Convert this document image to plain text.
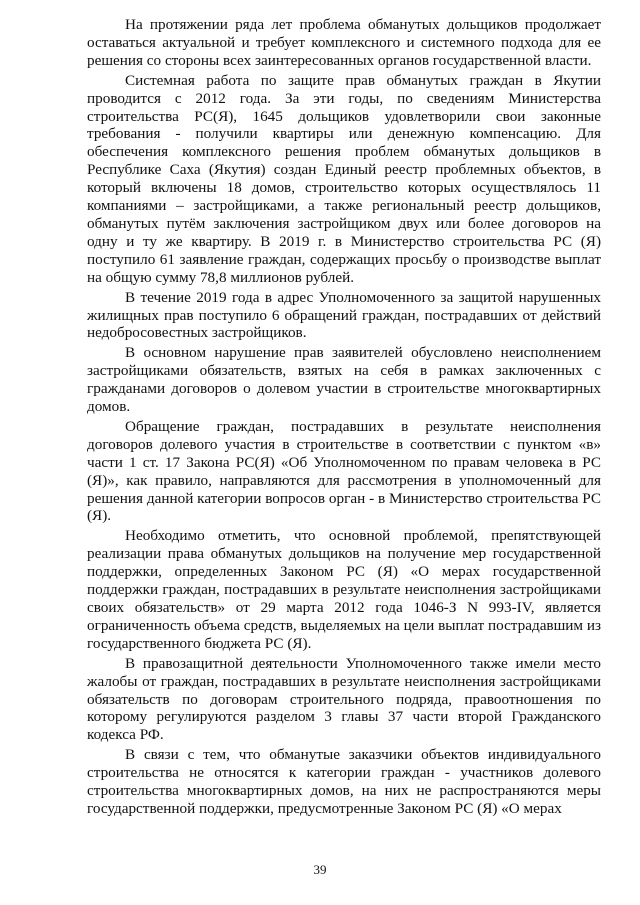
На протяжении ряда лет проблема обманутых дольщиков продолжает оставаться актуальной и требует комплексного и системного подхода для ее решения со стороны всех заинтересованных органов государственной власти.

Системная работа по защите прав обманутых граждан в Якутии проводится с 2012 года. За эти годы, по сведениям Министерства строительства РС(Я), 1645 дольщиков удовлетворили свои законные требования - получили квартиры или денежную компенсацию. Для обеспечения комплексного решения проблем обманутых дольщиков в Республике Саха (Якутия) создан Единый реестр проблемных объектов, в который включены 18 домов, строительство которых осуществлялось 11 компаниями – застройщиками, а также региональный реестр дольщиков, обманутых путём заключения застройщиком двух или более договоров на одну и ту же квартиру. В 2019 г. в Министерство строительства РС (Я) поступило 61 заявление граждан, содержащих просьбу о производстве выплат на общую сумму 78,8 миллионов рублей.

В течение 2019 года в адрес Уполномоченного за защитой нарушенных жилищных прав поступило 6 обращений граждан, пострадавших от действий недобросовестных застройщиков.

В основном нарушение прав заявителей обусловлено неисполнением застройщиками обязательств, взятых на себя в рамках заключенных с гражданами договоров о долевом участии в строительстве многоквартирных домов.

Обращение граждан, пострадавших в результате неисполнения договоров долевого участия в строительстве в соответствии с пунктом «в» части 1 ст. 17 Закона РС(Я) «Об Уполномоченном по правам человека в РС (Я)», как правило, направляются для рассмотрения в уполномоченный для решения данной категории вопросов орган - в Министерство строительства РС (Я).

Необходимо отметить, что основной проблемой, препятствующей реализации права обманутых дольщиков на получение мер государственной поддержки, определенных Законом РС (Я) «О мерах государственной поддержки граждан, пострадавших в результате неисполнения застройщиками своих обязательств» от 29 марта 2012 года 1046-З N 993-IV, является ограниченность объема средств, выделяемых на цели выплат пострадавшим из государственного бюджета РС (Я).

В правозащитной деятельности Уполномоченного также имели место жалобы от граждан, пострадавших в результате неисполнения застройщиками обязательств по договорам строительного подряда, правоотношения по которому регулируются разделом 3 главы 37 части второй Гражданского кодекса РФ.

В связи с тем, что обманутые заказчики объектов индивидуального строительства не относятся к категории граждан - участников долевого строительства многоквартирных домов, на них не распространяются меры государственной поддержки, предусмотренные Законом РС (Я) «О мерах

39
